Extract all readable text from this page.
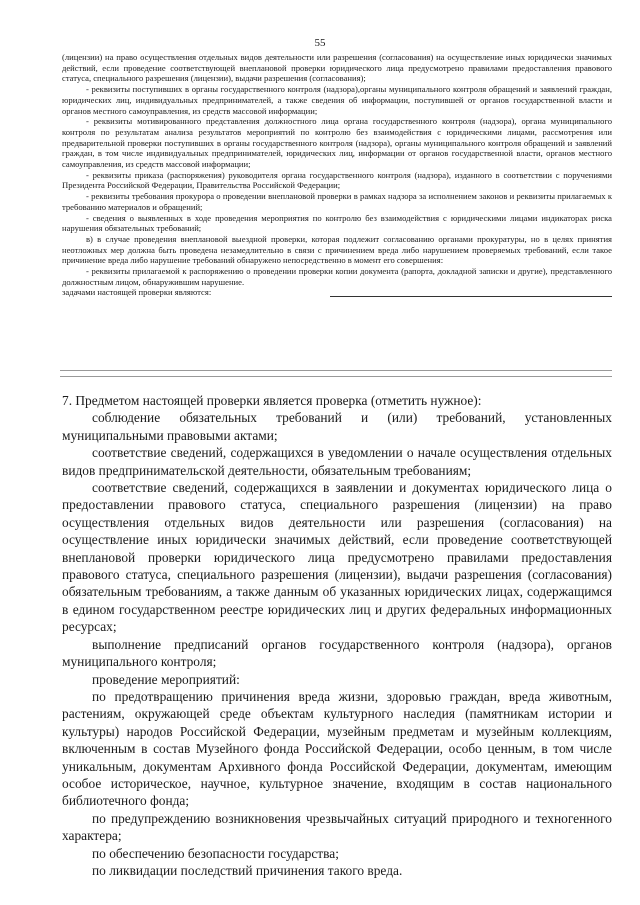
55

(лицензии) на право осуществления отдельных видов деятельности или разрешения (согласования) на осуществление иных юридически значимых действий, если проведение соответствующей внеплановой проверки юридического лица предусмотрено правилами предоставления правового статуса, специального разрешения (лицензии), выдачи разрешения (согласования);

- реквизиты поступивших в органы государственного контроля (надзора),органы муниципального контроля обращений и заявлений граждан, юридических лиц, индивидуальных предпринимателей, а также сведения об информации, поступившей от органов государственной власти и органов местного самоуправления, из средств массовой информации;

- реквизиты мотивированного представления должностного лица органа государственного контроля (надзора), органа муниципального контроля по результатам анализа результатов мероприятий по контролю без взаимодействия с юридическими лицами, рассмотрения или предварительной проверки поступивших в органы государственного контроля (надзора), органы муниципального контроля обращений и заявлений граждан, в том числе индивидуальных предпринимателей, юридических лиц, информации от органов государственной власти, органов местного самоуправления, из средств массовой информации;

- реквизиты приказа (распоряжения) руководителя органа государственного контроля (надзора), изданного в соответствии с поручениями Президента Российской Федерации, Правительства Российской Федерации;

- реквизиты требования прокурора о проведении внеплановой проверки в рамках надзора за исполнением законов и реквизиты прилагаемых к требованию материалов и обращений;

- сведения о выявленных в ходе проведения мероприятия по контролю без взаимодействия с юридическими лицами индикаторах риска нарушения обязательных требований;

в) в случае проведения внеплановой выездной проверки, которая подлежит согласованию органами прокуратуры, но в целях принятия неотложных мер должна быть проведена незамедлительно в связи с причинением вреда либо нарушением проверяемых требований, если такое причинение вреда либо нарушение требований обнаружено непосредственно в момент его совершения:

- реквизиты прилагаемой к распоряжению о проведении проверки копии документа (рапорта, докладной записки и другие), представленного должностным лицом, обнаружившим нарушение.

задачами настоящей проверки являются:

7. Предметом настоящей проверки является проверка (отметить нужное):

соблюдение обязательных требований и (или) требований, установленных муниципальными правовыми актами;

соответствие сведений, содержащихся в уведомлении о начале осуществления отдельных видов предпринимательской деятельности, обязательным требованиям;

соответствие сведений, содержащихся в заявлении и документах юридического лица о предоставлении правового статуса, специального разрешения (лицензии) на право осуществления отдельных видов деятельности или разрешения (согласования) на осуществление иных юридически значимых действий, если проведение соответствующей внеплановой проверки юридического лица предусмотрено правилами предоставления правового статуса, специального разрешения (лицензии), выдачи разрешения (согласования) обязательным требованиям, а также данным об указанных юридических лицах, содержащимся в едином государственном реестре юридических лиц и других федеральных информационных ресурсах;

выполнение предписаний органов государственного контроля (надзора), органов муниципального контроля;

проведение мероприятий:

по предотвращению причинения вреда жизни, здоровью граждан, вреда животным, растениям, окружающей среде объектам культурного наследия (памятникам истории и культуры) народов Российской Федерации, музейным предметам и музейным коллекциям, включенным в состав Музейного фонда Российской Федерации, особо ценным, в том числе уникальным, документам Архивного фонда Российской Федерации, документам, имеющим особое историческое, научное, культурное значение, входящим в состав национального библиотечного фонда;

по предупреждению возникновения чрезвычайных ситуаций природного и техногенного характера;

по обеспечению безопасности государства;

по ликвидации последствий причинения такого вреда.
